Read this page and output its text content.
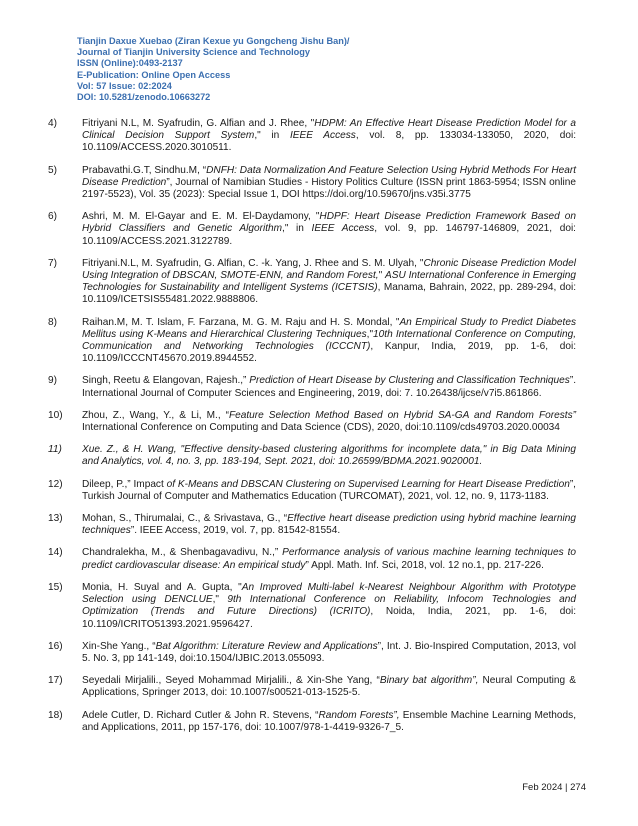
Tianjin Daxue Xuebao (Ziran Kexue yu Gongcheng Jishu Ban)/
Journal of Tianjin University Science and Technology
ISSN (Online):0493-2137
E-Publication: Online Open Access
Vol: 57 Issue: 02:2024
DOI: 10.5281/zenodo.10663272
4)	Fitriyani N.L, M. Syafrudin, G. Alfian and J. Rhee, "HDPM: An Effective Heart Disease Prediction Model for a Clinical Decision Support System," in IEEE Access, vol. 8, pp. 133034-133050, 2020, doi: 10.1109/ACCESS.2020.3010511.
5)	Prabavathi.G.T, Sindhu.M, “DNFH: Data Normalization And Feature Selection Using Hybrid Methods For Heart Disease Prediction”, Journal of Namibian Studies - History Politics Culture (ISSN print 1863-5954; ISSN online 2197-5523), Vol. 35 (2023): Special Issue 1, DOI https://doi.org/10.59670/jns.v35i.3775
6)	Ashri, M. M. El-Gayar and E. M. El-Daydamony, "HDPF: Heart Disease Prediction Framework Based on Hybrid Classifiers and Genetic Algorithm," in IEEE Access, vol. 9, pp. 146797-146809, 2021, doi: 10.1109/ACCESS.2021.3122789.
7)	Fitriyani.N.L, M. Syafrudin, G. Alfian, C. -k. Yang, J. Rhee and S. M. Ulyah, "Chronic Disease Prediction Model Using Integration of DBSCAN, SMOTE-ENN, and Random Forest," ASU International Conference in Emerging Technologies for Sustainability and Intelligent Systems (ICETSIS), Manama, Bahrain, 2022, pp. 289-294, doi: 10.1109/ICETSIS55481.2022.9888806.
8)	Raihan.M, M. T. Islam, F. Farzana, M. G. M. Raju and H. S. Mondal, "An Empirical Study to Predict Diabetes Mellitus using K-Means and Hierarchical Clustering Techniques,"10th International Conference on Computing, Communication and Networking Technologies (ICCCNT), Kanpur, India, 2019, pp. 1-6, doi: 10.1109/ICCCNT45670.2019.8944552.
9)	Singh, Reetu & Elangovan, Rajesh.,” Prediction of Heart Disease by Clustering and Classification Techniques”. International Journal of Computer Sciences and Engineering, 2019, doi: 7. 10.26438/ijcse/v7i5.861866.
10)	Zhou, Z., Wang, Y., & Li, M., “Feature Selection Method Based on Hybrid SA-GA and Random Forests” International Conference on Computing and Data Science (CDS), 2020, doi:10.1109/cds49703.2020.00034
11)	Xue. Z., & H. Wang, "Effective density-based clustering algorithms for incomplete data," in Big Data Mining and Analytics, vol. 4, no. 3, pp. 183-194, Sept. 2021, doi: 10.26599/BDMA.2021.9020001.
12)	Dileep, P.,” Impact of K-Means and DBSCAN Clustering on Supervised Learning for Heart Disease Prediction”, Turkish Journal of Computer and Mathematics Education (TURCOMAT), 2021, vol. 12, no. 9, 1173-1183.
13)	Mohan, S., Thirumalai, C., & Srivastava, G., “Effective heart disease prediction using hybrid machine learning techniques”. IEEE Access, 2019, vol. 7, pp. 81542-81554.
14)	Chandralekha, M., & Shenbagavadivu, N.,” Performance analysis of various machine learning techniques to predict cardiovascular disease: An empirical study” Appl. Math. Inf. Sci, 2018, vol. 12 no.1, pp. 217-226.
15)	Monia, H. Suyal and A. Gupta, "An Improved Multi-label k-Nearest Neighbour Algorithm with Prototype Selection using DENCLUE," 9th International Conference on Reliability, Infocom Technologies and Optimization (Trends and Future Directions) (ICRITO), Noida, India, 2021, pp. 1-6, doi: 10.1109/ICRITO51393.2021.9596427.
16)	Xin-She Yang., “Bat Algorithm: Literature Review and Applications”, Int. J. Bio-Inspired Computation, 2013, vol 5. No. 3, pp 141-149, doi:10.1504/IJBIC.2013.055093.
17)	Seyedali Mirjalili., Seyed Mohammad Mirjalili., & Xin-She Yang, “Binary bat algorithm”, Neural Computing & Applications, Springer 2013, doi: 10.1007/s00521-013-1525-5.
18)	Adele Cutler, D. Richard Cutler & John R. Stevens, “Random Forests”, Ensemble Machine Learning Methods, and Applications, 2011, pp 157-176, doi: 10.1007/978-1-4419-9326-7_5.
Feb 2024 | 274
